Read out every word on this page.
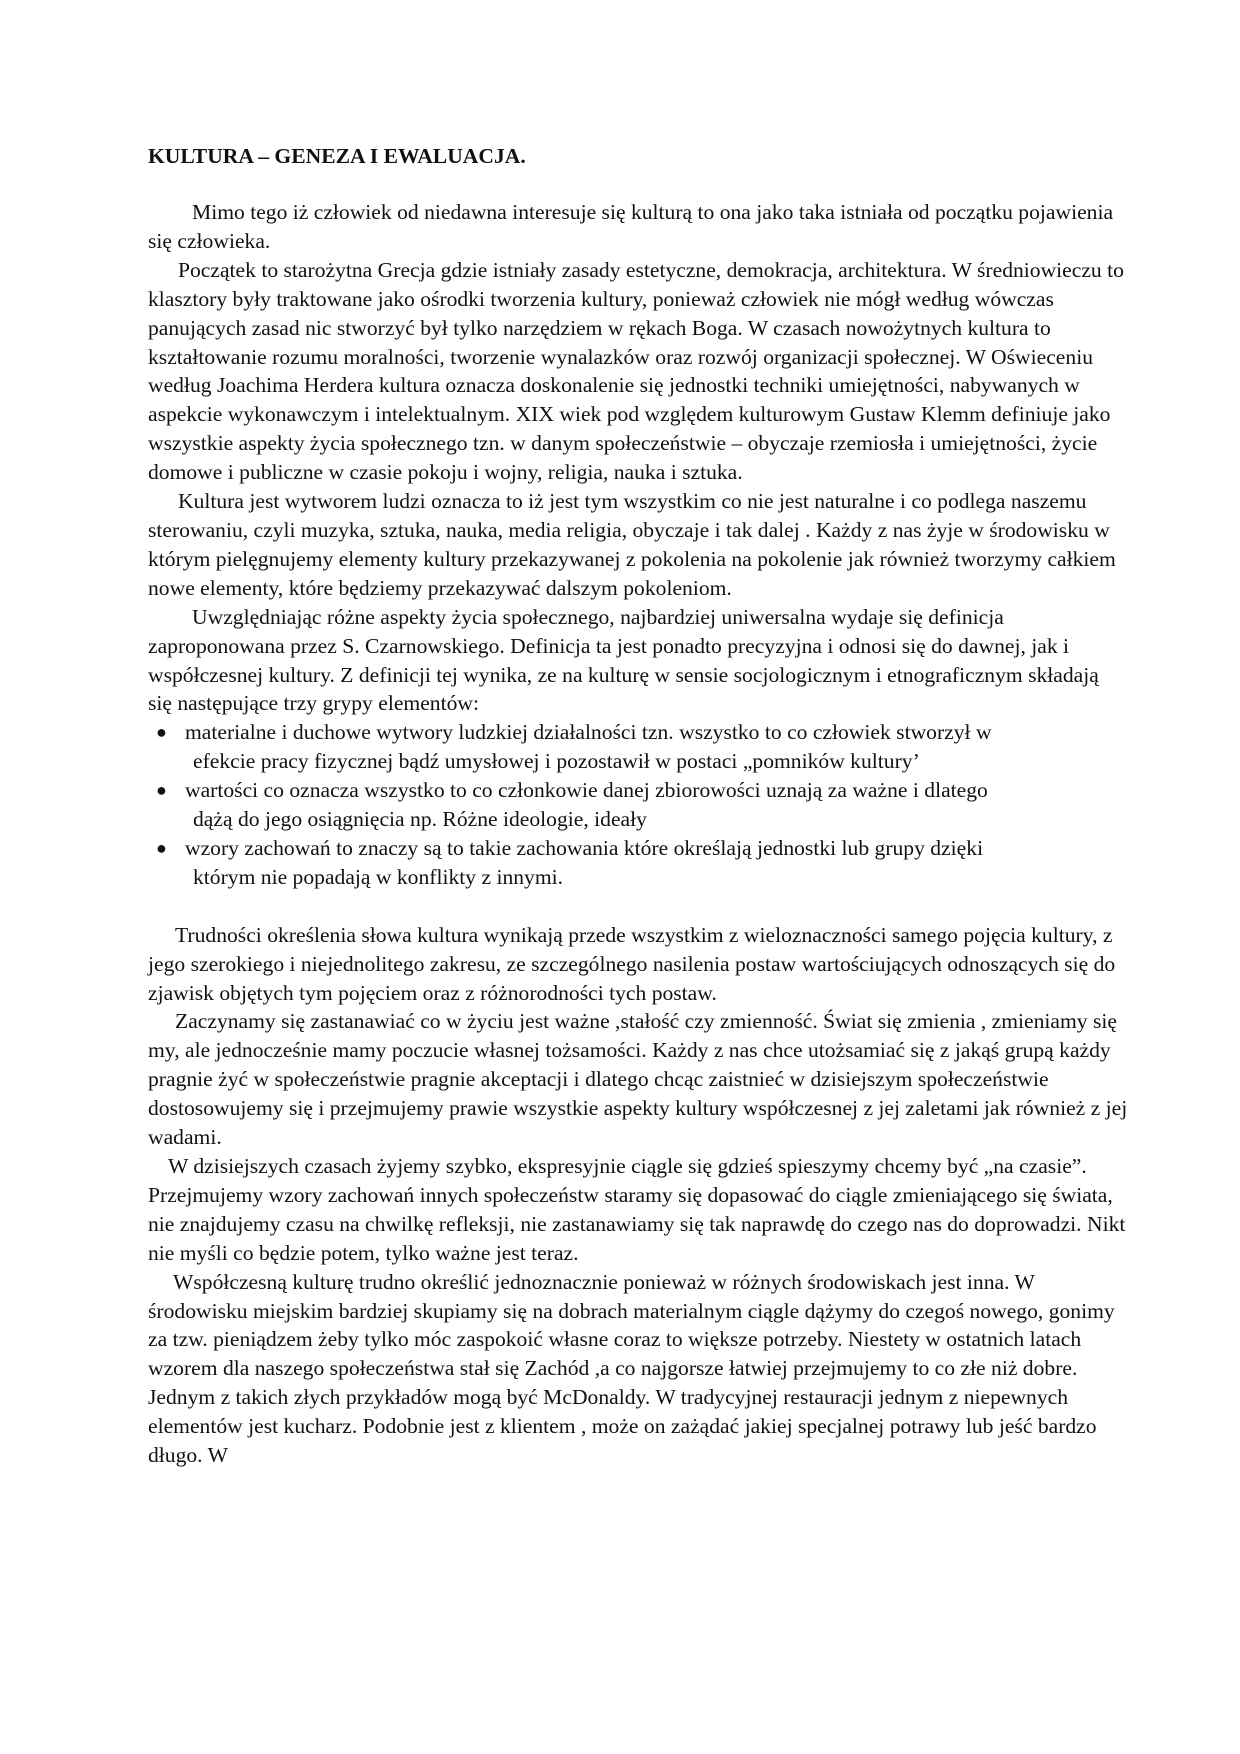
KULTURA – GENEZA I EWALUACJA.

Mimo tego iż człowiek od niedawna interesuje się kulturą to ona jako taka istniała od początku pojawienia się człowieka.

Początek to starożytna Grecja gdzie istniały zasady estetyczne, demokracja, architektura. W średniowieczu to klasztory były traktowane jako ośrodki tworzenia kultury, ponieważ człowiek nie mógł według wówczas panujących zasad nic stworzyć był tylko narzędziem w rękach Boga. W czasach nowożytnych kultura to kształtowanie rozumu moralności, tworzenie wynalazków oraz rozwój organizacji społecznej. W Oświeceniu według Joachima Herdera kultura oznacza doskonalenie się jednostki techniki umiejętności, nabywanych w aspekcie wykonawczym i intelektualnym. XIX wiek pod względem kulturowym Gustaw Klemm definiuje jako wszystkie aspekty życia społecznego tzn. w danym społeczeństwie – obyczaje rzemiosła i umiejętności, życie domowe i publiczne w czasie pokoju i wojny, religia, nauka i sztuka.

Kultura jest wytworem ludzi oznacza to iż jest tym wszystkim co nie jest naturalne i co podlega naszemu sterowaniu, czyli muzyka, sztuka, nauka, media religia, obyczaje i tak dalej . Każdy z nas żyje w środowisku w którym pielęgnujemy elementy kultury przekazywanej z pokolenia na pokolenie jak również tworzymy całkiem nowe elementy, które będziemy przekazywać dalszym pokoleniom.

Uwzględniając różne aspekty życia społecznego, najbardziej uniwersalna wydaje się definicja zaproponowana przez S. Czarnowskiego. Definicja ta jest ponadto precyzyjna i odnosi się do dawnej, jak i współczesnej kultury. Z definicji tej wynika, ze na kulturę w sensie socjologicznym i etnograficznym składają się następujące trzy grypy elementów:

● materialne i duchowe wytwory ludzkiej działalności tzn. wszystko to co człowiek stworzył w
efekcie pracy fizycznej bądź umysłowej i pozostawił w postaci „pomników kultury’
● wartości co oznacza wszystko to co członkowie danej zbiorowości uznają za ważne i dlatego
dążą do jego osiągnięcia np. Różne ideologie, ideały
● wzory zachowań to znaczy są to takie zachowania które określają jednostki lub grupy dzięki
którym nie popadają w konflikty z innymi.

Trudności określenia słowa kultura wynikają przede wszystkim z wieloznaczności samego pojęcia kultury, z jego szerokiego i niejednolitego zakresu, ze szczególnego nasilenia postaw wartościujących odnoszących się do zjawisk objętych tym pojęciem oraz z różnorodności tych postaw.

Zaczynamy się zastanawiać co w życiu jest ważne ,stałość czy zmienność. Świat się zmienia , zmieniamy się my, ale jednocześnie mamy poczucie własnej tożsamości. Każdy z nas chce utożsamiać się z jakąś grupą każdy pragnie żyć w społeczeństwie pragnie akceptacji i dlatego chcąc zaistnieć w dzisiejszym społeczeństwie dostosowujemy się i przejmujemy prawie wszystkie aspekty kultury współczesnej z jej zaletami jak również z jej wadami.

W dzisiejszych czasach żyjemy szybko, ekspresyjnie ciągle się gdzieś spieszymy chcemy być „na czasie”. Przejmujemy wzory zachowań innych społeczeństw staramy się dopasować do ciągle zmieniającego się świata, nie znajdujemy czasu na chwilkę refleksji, nie zastanawiamy się tak naprawdę do czego nas do doprowadzi. Nikt nie myśli co będzie potem, tylko ważne jest teraz.

Współczesną kulturę trudno określić jednoznacznie ponieważ w różnych środowiskach jest inna. W środowisku miejskim bardziej skupiamy się na dobrach materialnym ciągle dążymy do czegoś nowego, gonimy za tzw. pieniądzem żeby tylko móc zaspokoić własne coraz to większe potrzeby. Niestety w ostatnich latach wzorem dla naszego społeczeństwa stał się Zachód ,a co najgorsze łatwiej przejmujemy to co złe niż dobre. Jednym z takich złych przykładów mogą być McDonaldy. W tradycyjnej restauracji jednym z niepewnych elementów jest kucharz. Podobnie jest z klientem , może on zażądać jakiej specjalnej potrawy lub jeść bardzo długo. W
